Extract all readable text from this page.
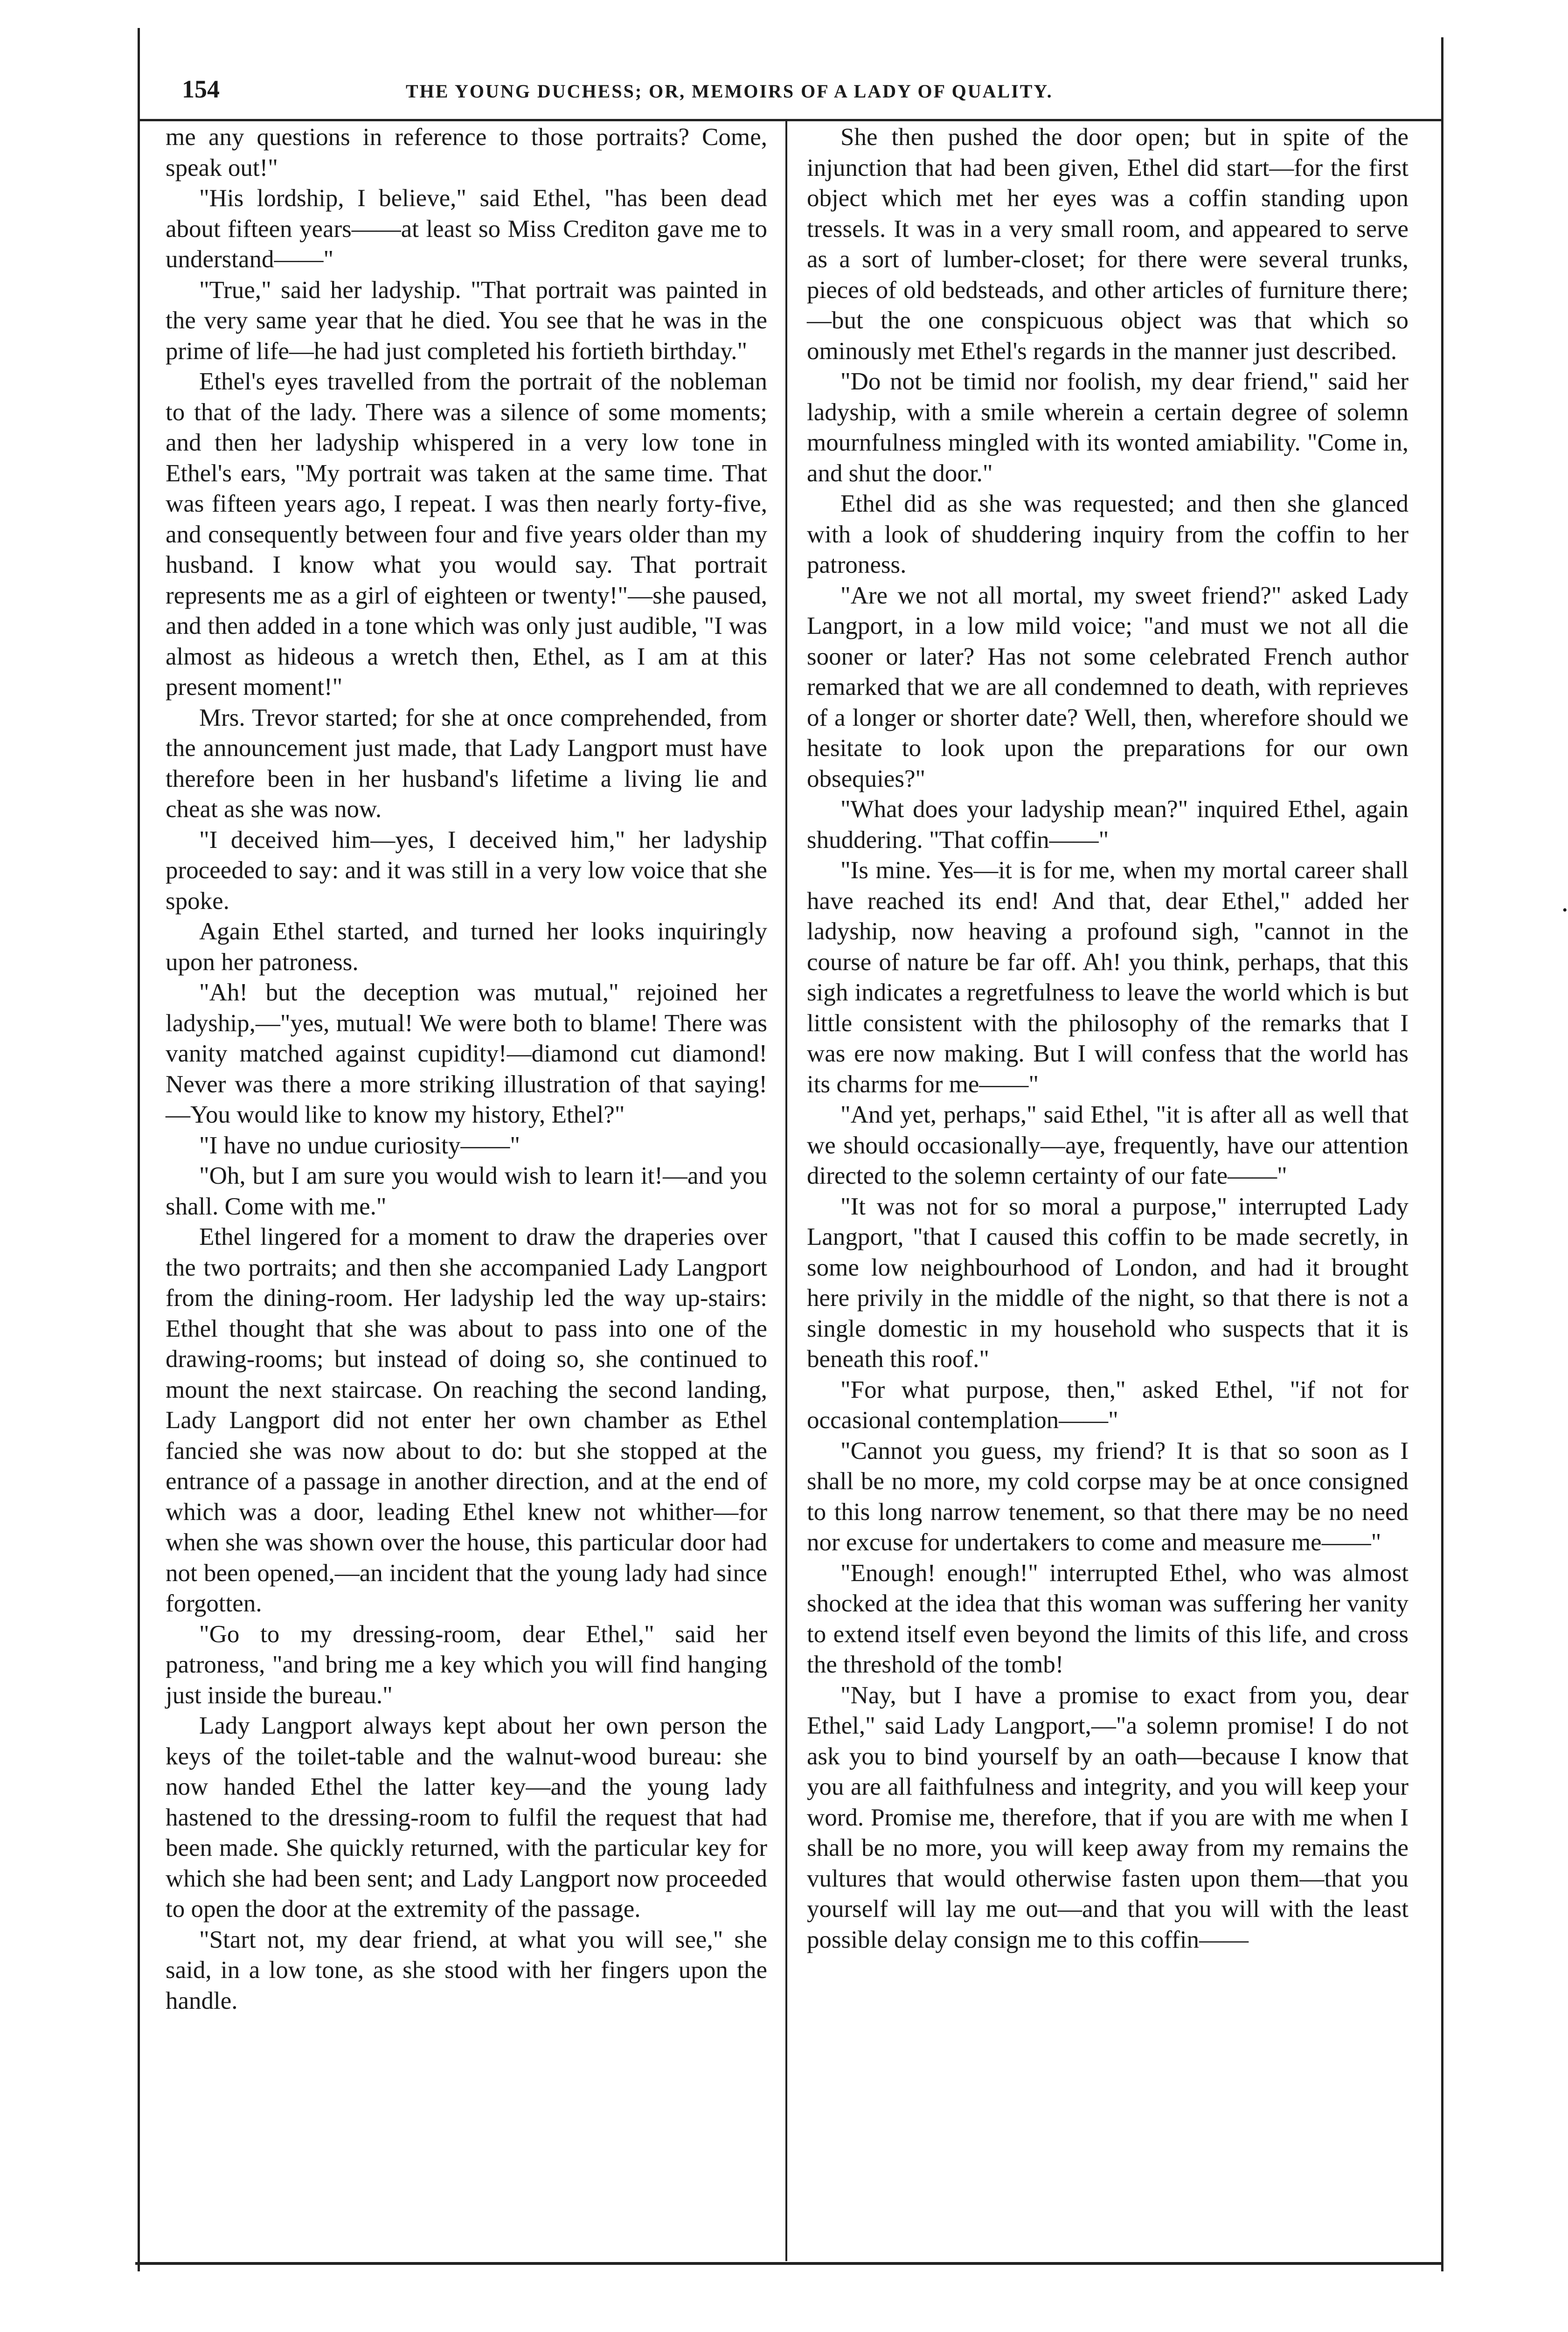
154	THE YOUNG DUCHESS; OR, MEMOIRS OF A LADY OF QUALITY.

me any questions in reference to those portraits? Come, speak out!"

"His lordship, I believe," said Ethel, "has been dead about fifteen years——at least so Miss Crediton gave me to understand——"

"True," said her ladyship. "That portrait was painted in the very same year that he died. You see that he was in the prime of life—he had just completed his fortieth birthday."

Ethel's eyes travelled from the portrait of the nobleman to that of the lady. There was a silence of some moments; and then her ladyship whispered in a very low tone in Ethel's ears, "My portrait was taken at the same time. That was fifteen years ago, I repeat. I was then nearly forty-five, and consequently between four and five years older than my husband. I know what you would say. That portrait represents me as a girl of eighteen or twenty!"—she paused, and then added in a tone which was only just audible, "I was almost as hideous a wretch then, Ethel, as I am at this present moment!"

Mrs. Trevor started; for she at once comprehended, from the announcement just made, that Lady Langport must have therefore been in her husband's lifetime a living lie and cheat as she was now.

"I deceived him—yes, I deceived him," her ladyship proceeded to say: and it was still in a very low voice that she spoke.

Again Ethel started, and turned her looks inquiringly upon her patroness.

"Ah! but the deception was mutual," rejoined her ladyship,—"yes, mutual! We were both to blame! There was vanity matched against cupidity!—diamond cut diamond! Never was there a more striking illustration of that saying! —You would like to know my history, Ethel?"

"I have no undue curiosity——"

"Oh, but I am sure you would wish to learn it!—and you shall. Come with me."

Ethel lingered for a moment to draw the draperies over the two portraits; and then she accompanied Lady Langport from the dining-room. Her ladyship led the way up-stairs: Ethel thought that she was about to pass into one of the drawing-rooms; but instead of doing so, she continued to mount the next staircase. On reaching the second landing, Lady Langport did not enter her own chamber as Ethel fancied she was now about to do: but she stopped at the entrance of a passage in another direction, and at the end of which was a door, leading Ethel knew not whither—for when she was shown over the house, this particular door had not been opened,—an incident that the young lady had since forgotten.

"Go to my dressing-room, dear Ethel," said her patroness, "and bring me a key which you will find hanging just inside the bureau."

Lady Langport always kept about her own person the keys of the toilet-table and the walnut-wood bureau: she now handed Ethel the latter key—and the young lady hastened to the dressing-room to fulfil the request that had been made. She quickly returned, with the particular key for which she had been sent; and Lady Langport now proceeded to open the door at the extremity of the passage.

"Start not, my dear friend, at what you will see," she said, in a low tone, as she stood with her fingers upon the handle.

She then pushed the door open; but in spite of the injunction that had been given, Ethel did start—for the first object which met her eyes was a coffin standing upon tressels. It was in a very small room, and appeared to serve as a sort of lumber-closet; for there were several trunks, pieces of old bedsteads, and other articles of furniture there;—but the one conspicuous object was that which so ominously met Ethel's regards in the manner just described.

"Do not be timid nor foolish, my dear friend," said her ladyship, with a smile wherein a certain degree of solemn mournfulness mingled with its wonted amiability. "Come in, and shut the door."

Ethel did as she was requested; and then she glanced with a look of shuddering inquiry from the coffin to her patroness.

"Are we not all mortal, my sweet friend?" asked Lady Langport, in a low mild voice; "and must we not all die sooner or later? Has not some celebrated French author remarked that we are all condemned to death, with reprieves of a longer or shorter date? Well, then, wherefore should we hesitate to look upon the preparations for our own obsequies?"

"What does your ladyship mean?" inquired Ethel, again shuddering. "That coffin——"

"Is mine. Yes—it is for me, when my mortal career shall have reached its end! And that, dear Ethel," added her ladyship, now heaving a profound sigh, "cannot in the course of nature be far off. Ah! you think, perhaps, that this sigh indicates a regretfulness to leave the world which is but little consistent with the philosophy of the remarks that I was ere now making. But I will confess that the world has its charms for me——"

"And yet, perhaps," said Ethel, "it is after all as well that we should occasionally—aye, frequently, have our attention directed to the solemn certainty of our fate——"

"It was not for so moral a purpose," interrupted Lady Langport, "that I caused this coffin to be made secretly, in some low neighbourhood of London, and had it brought here privily in the middle of the night, so that there is not a single domestic in my household who suspects that it is beneath this roof."

"For what purpose, then," asked Ethel, "if not for occasional contemplation——"

"Cannot you guess, my friend? It is that so soon as I shall be no more, my cold corpse may be at once consigned to this long narrow tenement, so that there may be no need nor excuse for undertakers to come and measure me——"

"Enough! enough!" interrupted Ethel, who was almost shocked at the idea that this woman was suffering her vanity to extend itself even beyond the limits of this life, and cross the threshold of the tomb!

"Nay, but I have a promise to exact from you, dear Ethel," said Lady Langport,—"a solemn promise! I do not ask you to bind yourself by an oath—because I know that you are all faithfulness and integrity, and you will keep your word. Promise me, therefore, that if you are with me when I shall be no more, you will keep away from my remains the vultures that would otherwise fasten upon them—that you yourself will lay me out—and that you will with the least possible delay consign me to this coffin——

•
